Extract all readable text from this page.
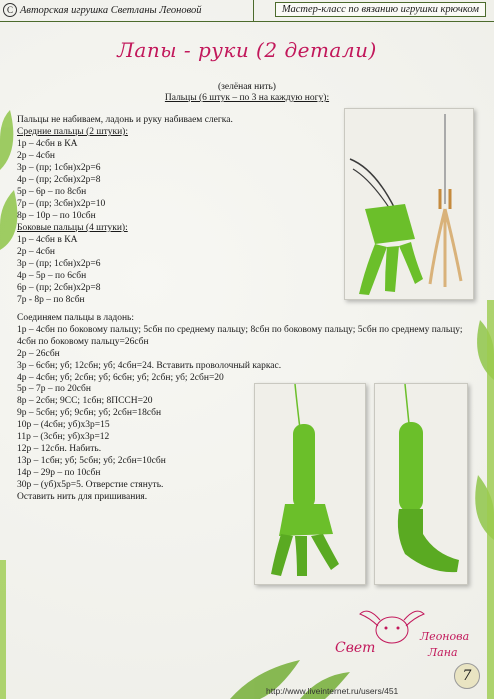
C Авторская игрушка Светланы Леоновой	Мастер-класс по вязанию игрушки крючком
Лапы - руки (2 детали)
(зелёная нить)
Пальцы (6 штук – по 3 на каждую ногу):
Пальцы не набиваем, ладонь и руку набиваем слегка.
Средние пальцы (2 штуки):
1р – 4сбн в КА
2р – 4сбн
3р – (пр; 1сбн)х2р=6
4р – (пр; 2сбн)х2р=8
5р – 6р – по 8сбн
7р – (пр; 3сбн)х2р=10
8р – 10р – по 10сбн
Боковые пальцы (4 штуки):
1р – 4сбн в КА
2р – 4сбн
3р – (пр; 1сбн)х2р=6
4р – 5р – по 6сбн
6р – (пр; 2сбн)х2р=8
7р - 8р – по 8сбн
Соединяем пальцы в ладонь:
1р – 4сбн по боковому пальцу; 5сбн по среднему пальцу; 8сбн по боковому пальцу; 5сбн по среднему пальцу; 4сбн по боковому пальцу=26сбн
2р – 26сбн
3р – 6сбн; уб; 12сбн; уб; 4сбн=24. Вставить проволочный каркас.
4р – 4сбн; уб; 2сбн; уб; 6сбн; уб; 2сбн; уб; 2сбн=20
5р – 7р – по 20сбн
8р – 2сбн; 9СС; 1сбн; 8ПССН=20
9р – 5сбн; уб; 9сбн; уб; 2сбн=18сбн
10р – (4сбн; уб)х3р=15
11р – (3сбн; уб)х3р=12
12р – 12сбн. Набить.
13р – 1сбн; уб; 5сбн; уб; 2сбн=10сбн
14р – 29р – по 10сбн
30р – (уб)х5р=5. Отверстие стянуть.
Оставить нить для пришивания.
Свет
Леонова
Лана
7
http://www.liveinternet.ru/users/451
